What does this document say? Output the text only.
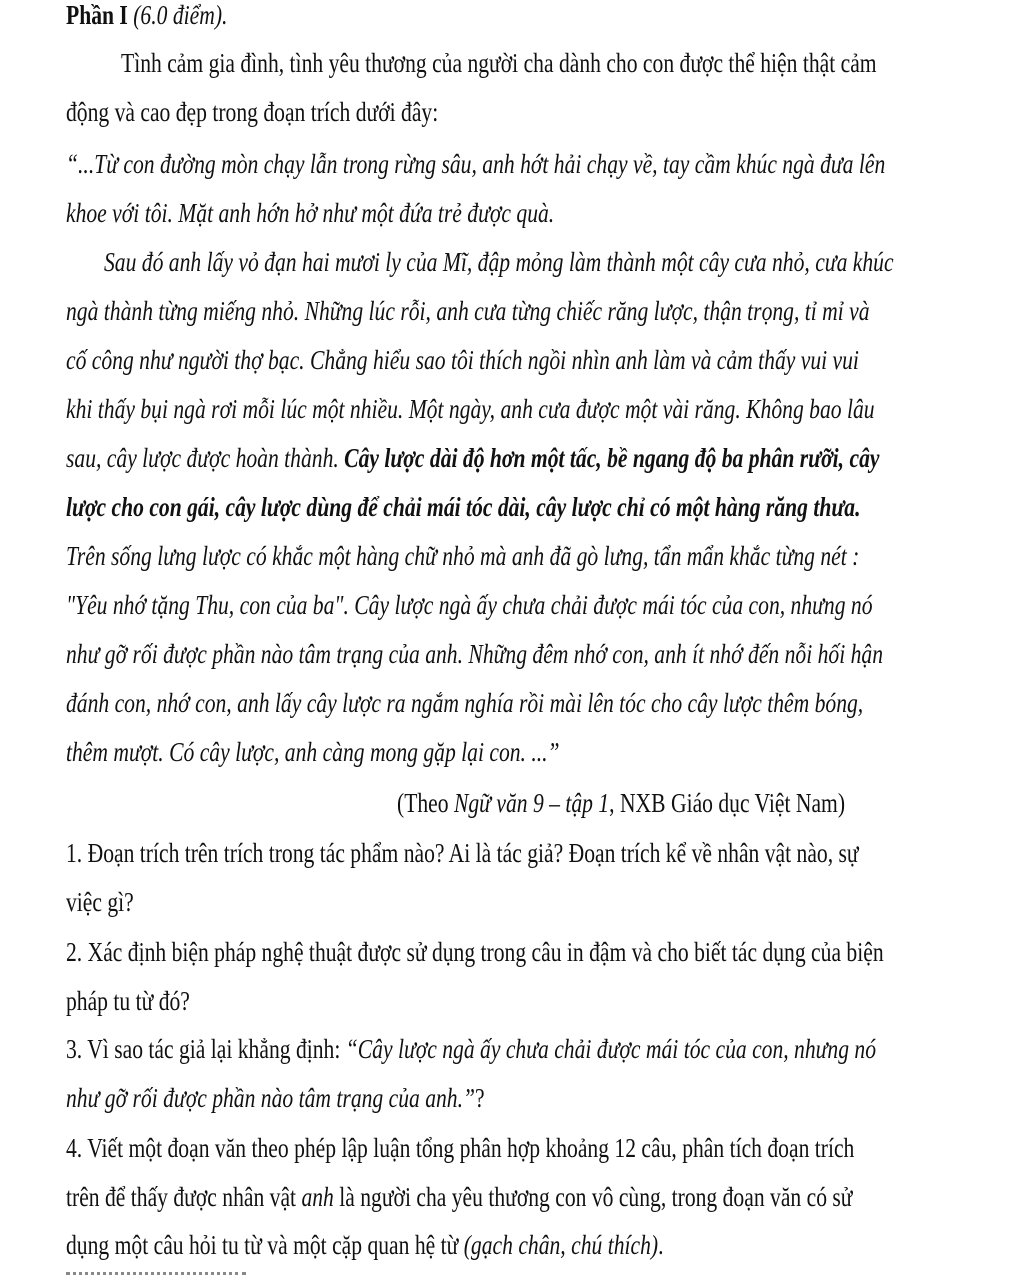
Phần I (6.0 điểm).
Tình cảm gia đình, tình yêu thương của người cha dành cho con được thể hiện thật cảm
động và cao đẹp trong đoạn trích dưới đây:
“...Từ con đường mòn chạy lẫn trong rừng sâu, anh hớt hải chạy về, tay cầm khúc ngà đưa lên
khoe với tôi. Mặt anh hớn hở như một đứa trẻ được quà.
Sau đó anh lấy vỏ đạn hai mươi ly của Mĩ, đập mỏng làm thành một cây cưa nhỏ, cưa khúc
ngà thành từng miếng nhỏ. Những lúc rỗi, anh cưa từng chiếc răng lược, thận trọng, tỉ mỉ và
cố công như người thợ bạc. Chẳng hiểu sao tôi thích ngồi nhìn anh làm và cảm thấy vui vui
khi thấy bụi ngà rơi mỗi lúc một nhiều. Một ngày, anh cưa được một vài răng. Không bao lâu
sau, cây lược được hoàn thành. Cây lược dài độ hơn một tấc, bề ngang độ ba phân rưỡi, cây
lược cho con gái, cây lược dùng để chải mái tóc dài, cây lược chỉ có một hàng răng thưa.
Trên sống lưng lược có khắc một hàng chữ nhỏ mà anh đã gò lưng, tẩn mẩn khắc từng nét :
"Yêu nhớ tặng Thu, con của ba". Cây lược ngà ấy chưa chải được mái tóc của con, nhưng nó
như gỡ rối được phần nào tâm trạng của anh. Những đêm nhớ con, anh ít nhớ đến nỗi hối hận
đánh con, nhớ con, anh lấy cây lược ra ngắm nghía rồi mài lên tóc cho cây lược thêm bóng,
thêm mượt. Có cây lược, anh càng mong gặp lại con. ...”
(Theo Ngữ văn 9 – tập 1, NXB Giáo dục Việt Nam)
1. Đoạn trích trên trích trong tác phẩm nào? Ai là tác giả? Đoạn trích kể về nhân vật nào, sự
việc gì?
2. Xác định biện pháp nghệ thuật được sử dụng trong câu in đậm và cho biết tác dụng của biện
pháp tu từ đó?
3. Vì sao tác giả lại khẳng định: “Cây lược ngà ấy chưa chải được mái tóc của con, nhưng nó
như gỡ rối được phần nào tâm trạng của anh.”?
4. Viết một đoạn văn theo phép lập luận tổng phân hợp khoảng 12 câu, phân tích đoạn trích
trên để thấy được nhân vật anh là người cha yêu thương con vô cùng, trong đoạn văn có sử
dụng một câu hỏi tu từ và một cặp quan hệ từ (gạch chân, chú thích).
